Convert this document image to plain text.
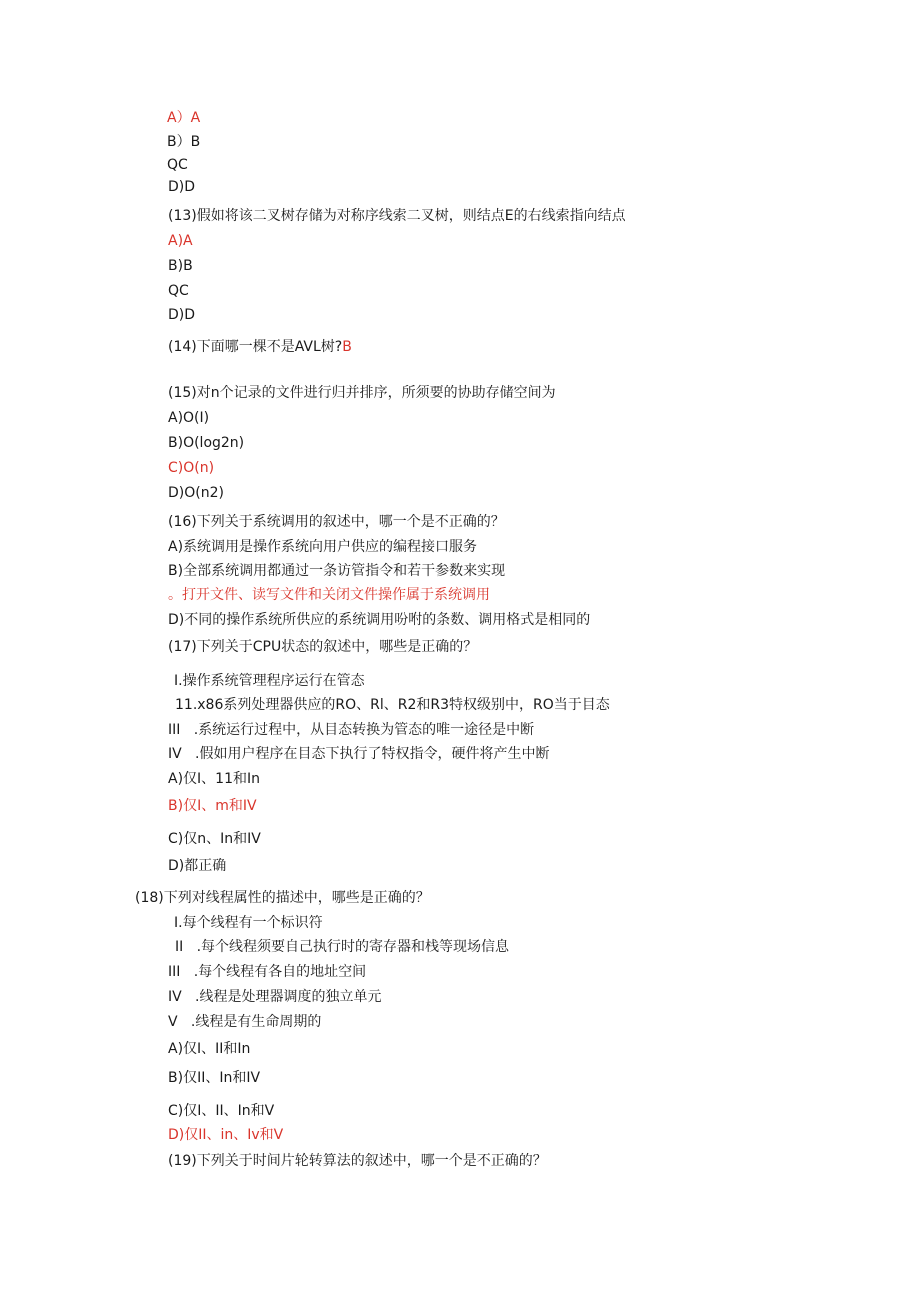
A）A
B）B
QC
D)D
(13)假如将该二叉树存储为对称序线索二叉树，则结点E的右线索指向结点
A)A
B)B
QC
D)D
(14)下面哪一棵不是AVL树?B
(15)对n个记录的文件进行归并排序，所须要的协助存储空间为
A)O(I)
B)O(log2n)
C)O(n)
D)O(n2)
(16)下列关于系统调用的叙述中，哪一个是不正确的？
A)系统调用是操作系统向用户供应的编程接口服务
B)全部系统调用都通过一条访管指令和若干参数来实现
。打开文件、读写文件和关闭文件操作属于系统调用
D)不同的操作系统所供应的系统调用吩咐的条数、调用格式是相同的
(17)下列关于CPU状态的叙述中，哪些是正确的？
I.操作系统管理程序运行在管态
11.x86系列处理器供应的RO、Rl、R2和R3特权级别中，RO当于目态
III   .系统运行过程中，从目态转换为管态的唯一途径是中断
IV   .假如用户程序在目态下执行了特权指令，硬件将产生中断
A)仅I、11和In
B)仅I、m和IV
C)仅n、In和IV
D)都正确
(18)下列对线程属性的描述中，哪些是正确的？
I.每个线程有一个标识符
II   .每个线程须要自己执行时的寄存器和栈等现场信息
III   .每个线程有各自的地址空间
IV   .线程是处理器调度的独立单元
V   .线程是有生命周期的
A)仅I、II和In
B)仅II、In和IV
C)仅I、II、In和V
D)仅II、in、Iv和V
(19)下列关于时间片轮转算法的叙述中，哪一个是不正确的？
